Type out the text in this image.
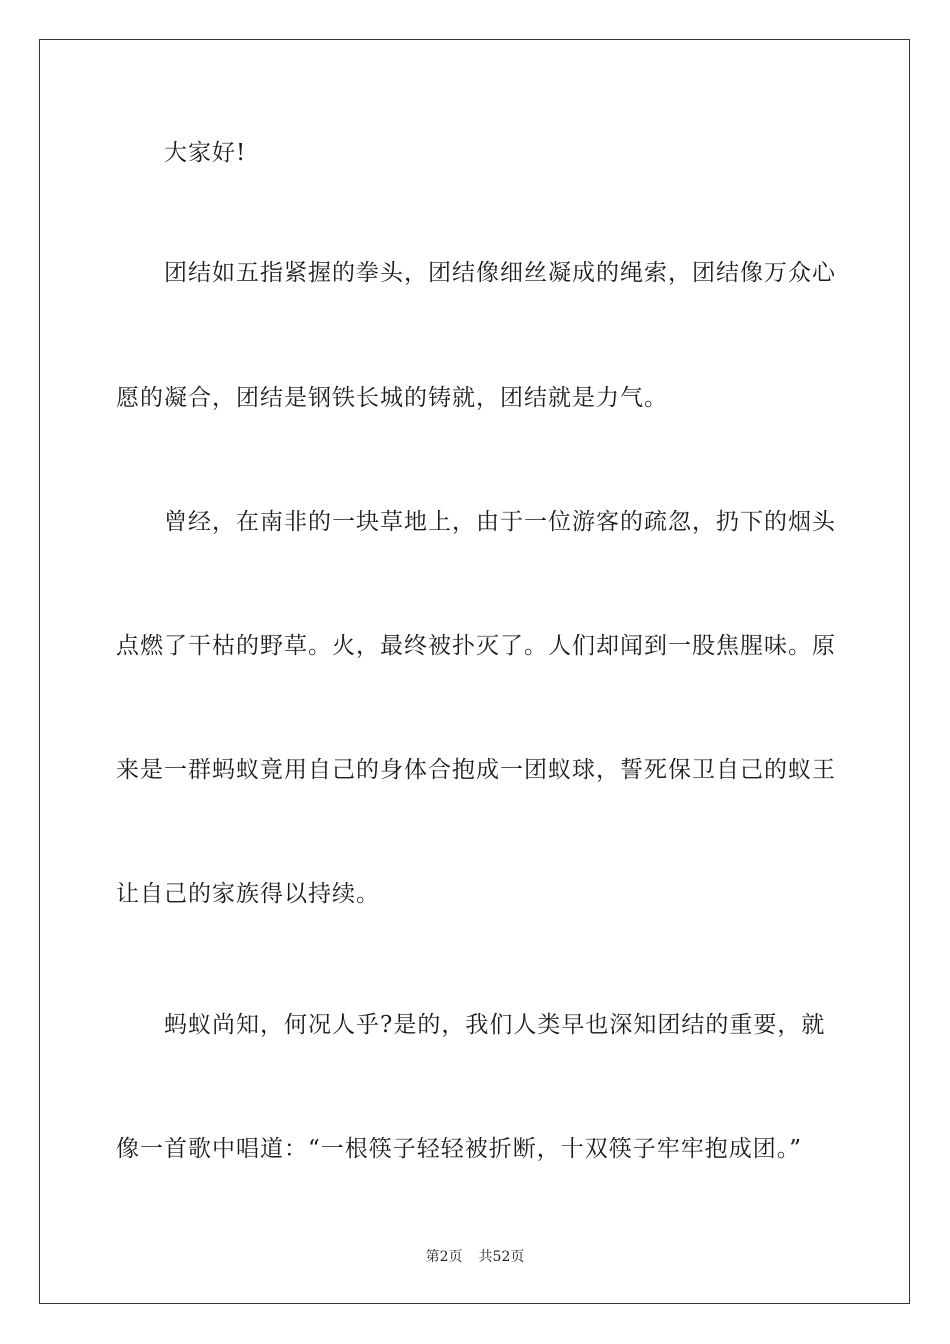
大家好!
团结如五指紧握的拳头，团结像细丝凝成的绳索，团结像万众心
愿的凝合，团结是钢铁长城的铸就，团结就是力气。
曾经，在南非的一块草地上，由于一位游客的疏忽，扔下的烟头
点燃了干枯的野草。火，最终被扑灭了。人们却闻到一股焦腥味。原
来是一群蚂蚁竟用自己的身体合抱成一团蚁球，誓死保卫自己的蚁王
让自己的家族得以持续。
蚂蚁尚知，何况人乎?是的，我们人类早也深知团结的重要，就
像一首歌中唱道：“一根筷子轻轻被折断，十双筷子牢牢抱成团。”
第2页 共52页
